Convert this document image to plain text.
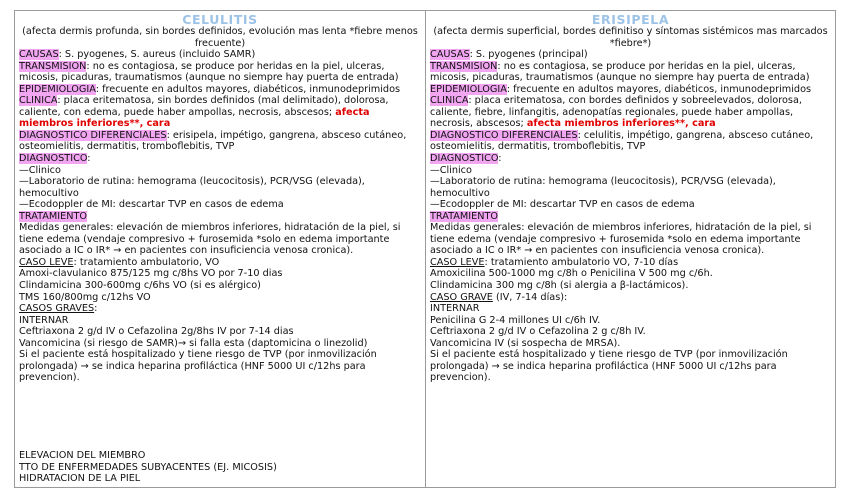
CELULITIS
(afecta dermis profunda, sin bordes definidos, evolución mas lenta *fiebre menos frecuente)
CAUSAS: S. pyogenes, S. aureus (incluido SAMR)
TRANSMISION: no es contagiosa, se produce por heridas en la piel, ulceras, micosis, picaduras, traumatismos (aunque no siempre hay puerta de entrada)
EPIDEMIOLOGIA: frecuente en adultos mayores, diabéticos, inmunodeprimidos
CLINICA: placa eritematosa, sin bordes definidos (mal delimitado), dolorosa, caliente, con edema, puede haber ampollas, necrosis, abscesos; afecta miembros inferiores**, cara
DIAGNOSTICO DIFERENCIALES: erisipela, impétigo, gangrena, absceso cutáneo, osteomielitis, dermatitis, tromboflebitis, TVP
DIAGNOSTICO:
—Clinico
—Laboratorio de rutina: hemograma (leucocitosis), PCR/VSG (elevada), hemocultivo
—Ecodoppler de MI: descartar TVP en casos de edema
TRATAMIENTO
Medidas generales: elevación de miembros inferiores, hidratación de la piel, si tiene edema (vendaje compresivo + furosemida *solo en edema importante asociado a IC o IR* → en pacientes con insuficiencia venosa cronica).
CASO LEVE: tratamiento ambulatorio, VO
Amoxi-clavulanico 875/125 mg c/8hs VO por 7-10 dias
Clindamicina 300-600mg c/6hs VO (si es alérgico)
TMS 160/800mg c/12hs VO
CASOS GRAVES:
INTERNAR
Ceftriaxona 2 g/d IV o Cefazolina 2g/8hs IV por 7-14 dias
Vancomicina (si riesgo de SAMR)→ si falla esta (daptomicina o linezolid)
Si el paciente está hospitalizado y tiene riesgo de TVP (por inmovilización prolongada) → se indica heparina profiláctica (HNF 5000 UI c/12hs para prevencion).
ELEVACION DEL MIEMBRO
TTO DE ENFERMEDADES SUBYACENTES (EJ. MICOSIS)
HIDRATACION DE LA PIEL
ERISIPELA
(afecta dermis superficial, bordes definitiso y síntomas sistémicos mas marcados *fiebre*)
CAUSAS: S. pyogenes (principal)
TRANSMISION: no es contagiosa, se produce por heridas en la piel, ulceras, micosis, picaduras, traumatismos (aunque no siempre hay puerta de entrada)
EPIDEMIOLOGIA: frecuente en adultos mayores, diabéticos, inmunodeprimidos
CLINICA: placa eritematosa, con bordes definidos y sobreelevados, dolorosa, caliente, fiebre, linfangitis, adenopatías regionales, puede haber ampollas, necrosis, abscesos; afecta miembros inferiores**, cara
DIAGNOSTICO DIFERENCIALES: celulitis, impétigo, gangrena, absceso cutáneo, osteomielitis, dermatitis, tromboflebitis, TVP
DIAGNOSTICO:
—Clinico
—Laboratorio de rutina: hemograma (leucocitosis), PCR/VSG (elevada), hemocultivo
—Ecodoppler de MI: descartar TVP en casos de edema
TRATAMIENTO
Medidas generales: elevación de miembros inferiores, hidratación de la piel, si tiene edema (vendaje compresivo + furosemida *solo en edema importante asociado a IC o IR* → en pacientes con insuficiencia venosa cronica).
CASO LEVE: tratamiento ambulatorio VO, 7-10 días
Amoxicilina 500-1000 mg c/8h o Penicilina V 500 mg c/6h.
Clindamicina 300 mg c/8h (si alergia a β-lactámicos).
CASO GRAVE (IV, 7-14 días):
INTERNAR
Penicilina G 2-4 millones UI c/6h IV.
Ceftriaxona 2 g/d IV o Cefazolina 2 g c/8h IV.
Vancomicina IV (si sospecha de MRSA).
Si el paciente está hospitalizado y tiene riesgo de TVP (por inmovilización prolongada) → se indica heparina profiláctica (HNF 5000 UI c/12hs para prevencion).
